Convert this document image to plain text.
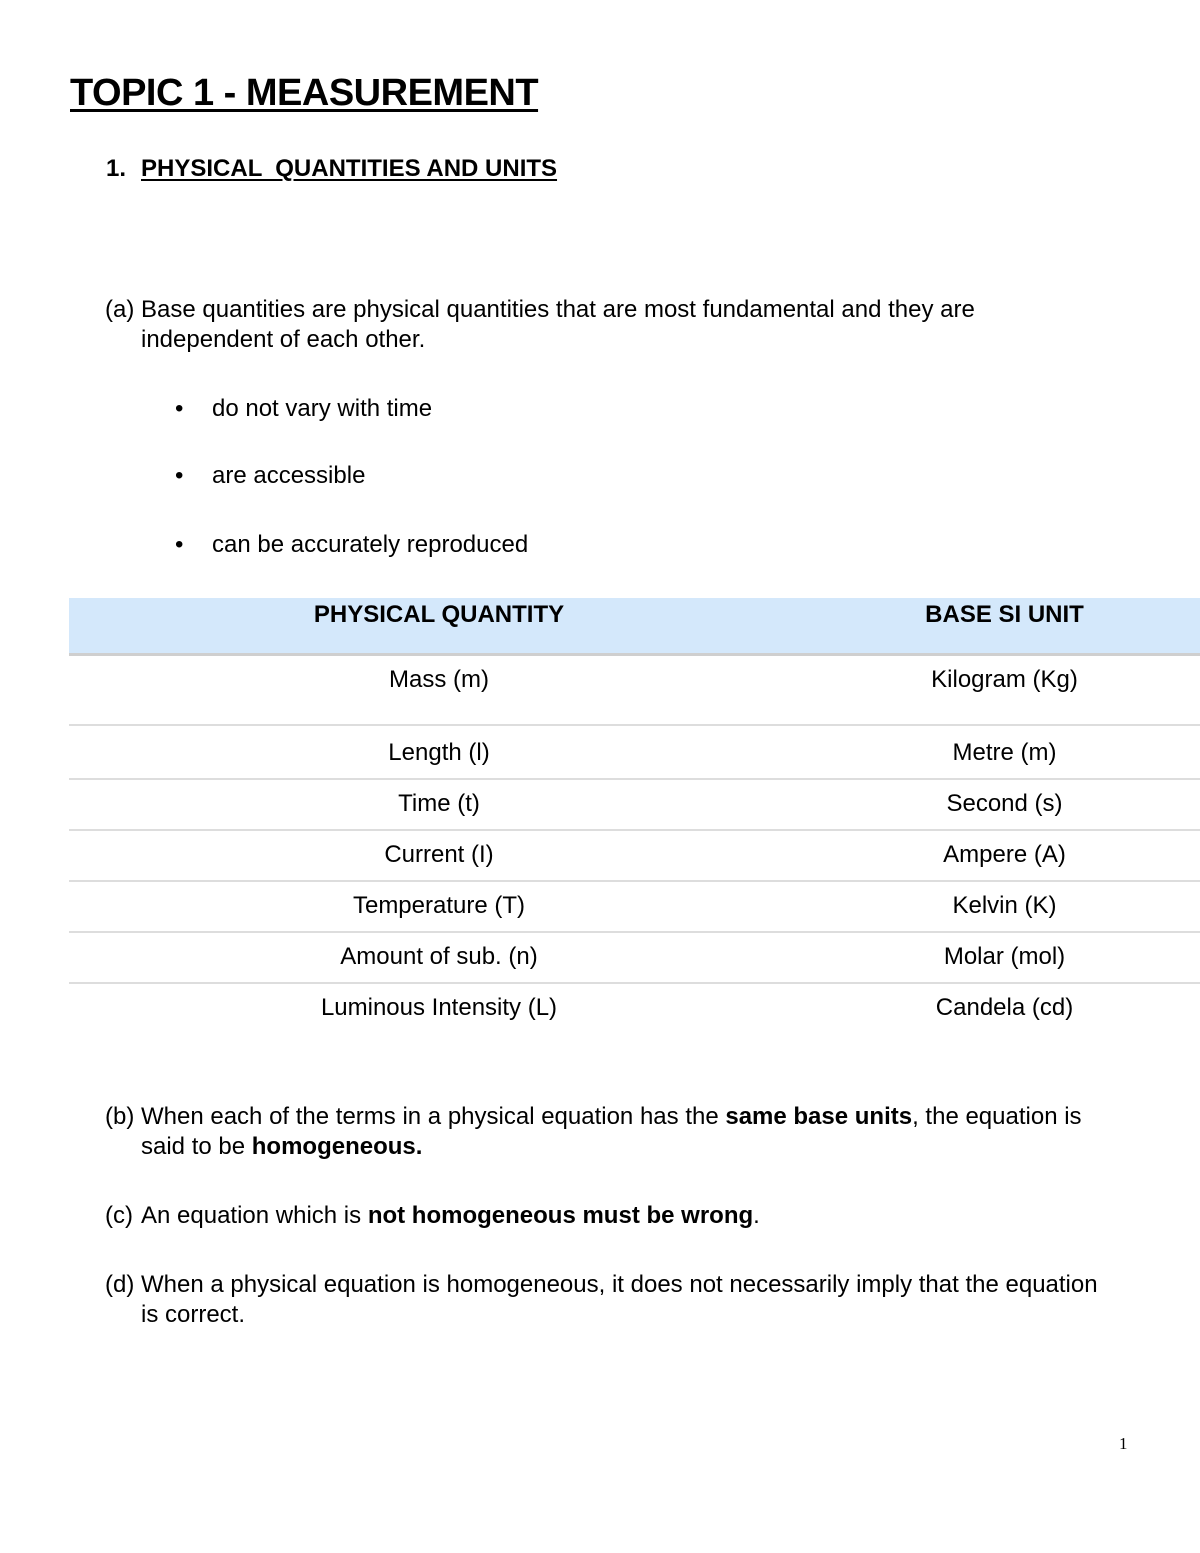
TOPIC 1 - MEASUREMENT
1. PHYSICAL  QUANTITIES AND UNITS

(a) Base quantities are physical quantities that are most fundamental and they are independent of each other.

• do not vary with time
• are accessible
• can be accurately reproduced
PHYSICAL QUANTITY	BASE SI UNIT
Mass (m)	Kilogram (Kg)
Length (l)	Metre (m)
Time (t)	Second (s)
Current (I)	Ampere (A)
Temperature (T)	Kelvin (K)
Amount of sub. (n)	Molar (mol)
Luminous Intensity (L)	Candela (cd)

(b) When each of the terms in a physical equation has the same base units, the equation is said to be homogeneous.

(c) An equation which is not homogeneous must be wrong.

(d) When a physical equation is homogeneous, it does not necessarily imply that the equation is correct.

1
